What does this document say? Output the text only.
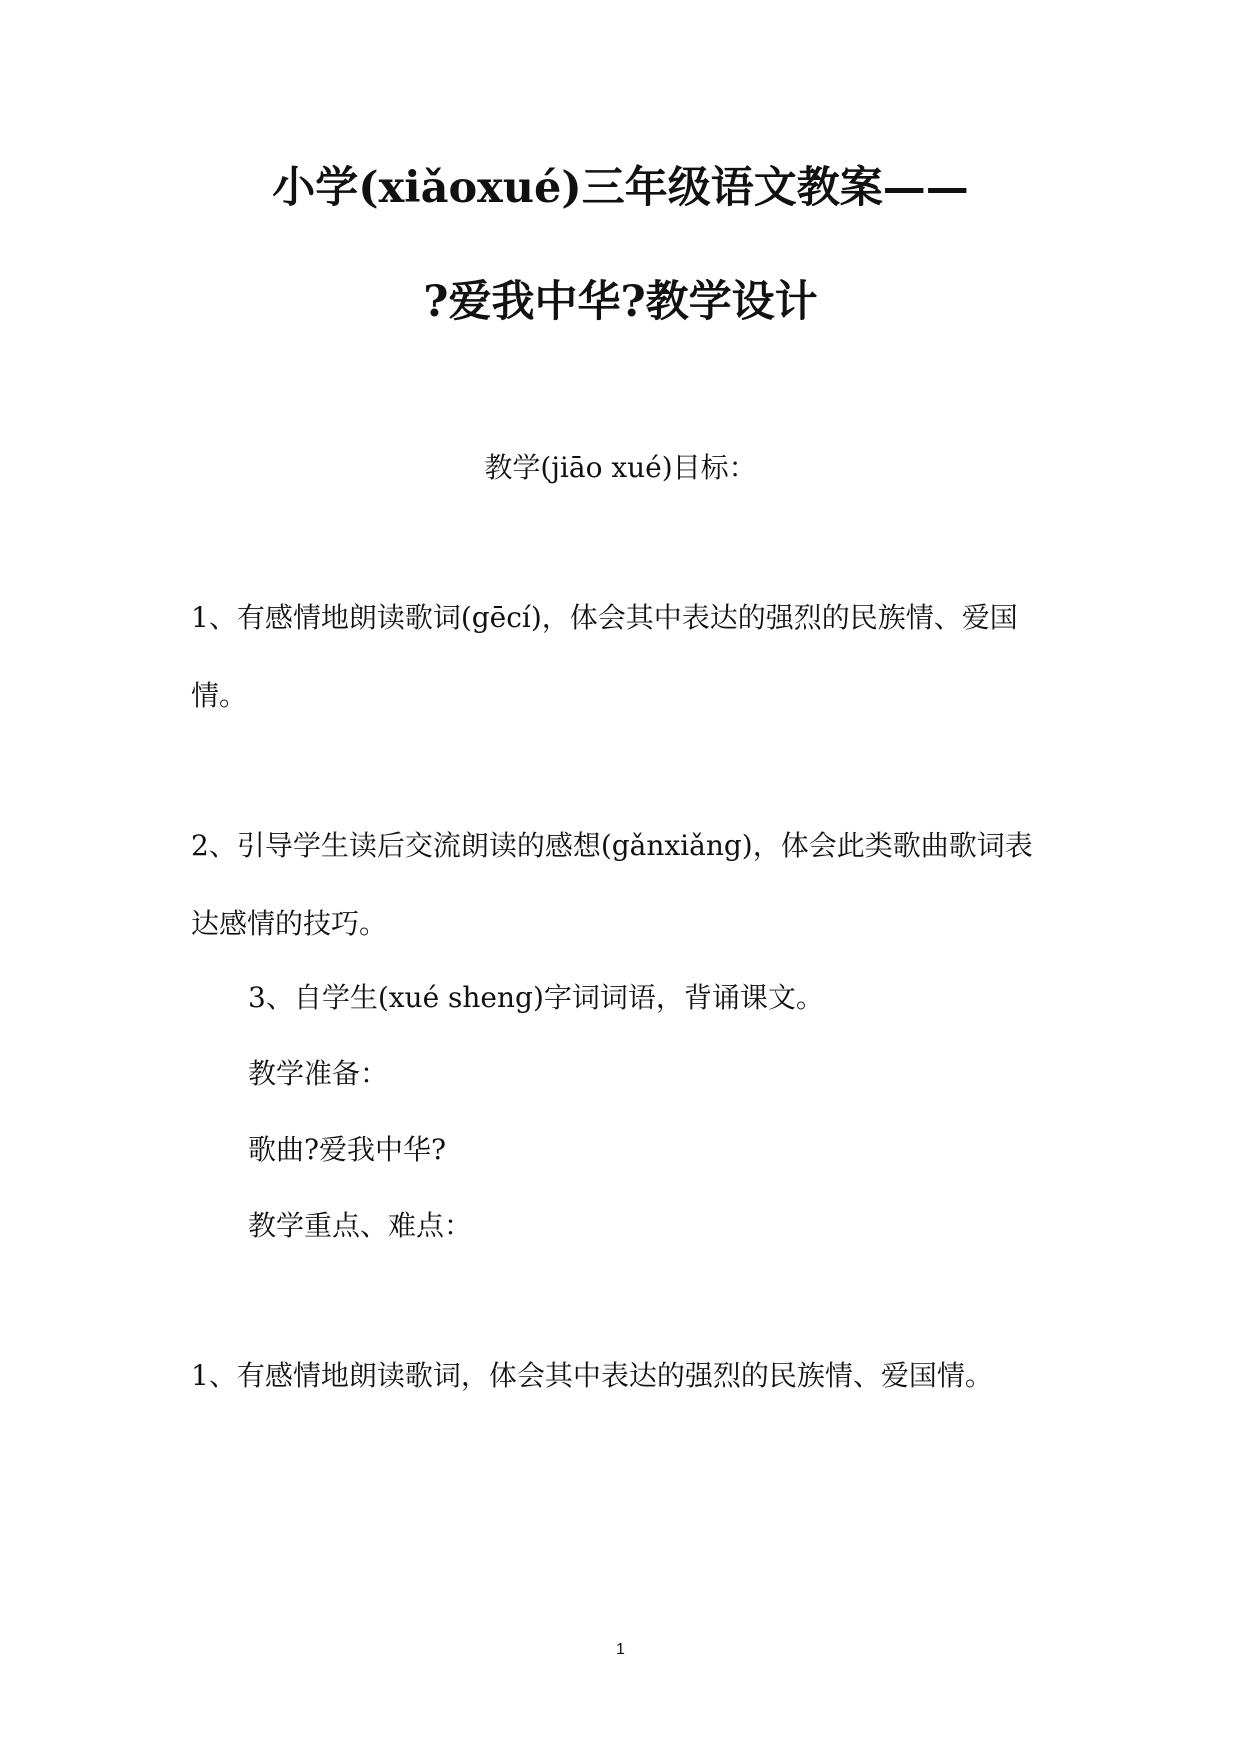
小学(xiǎoxué)三年级语文教案——
?爱我中华?教学设计

教学(jiāo xué)目标：

1、有感情地朗读歌词(gēcí)，体会其中表达的强烈的民族情、爱国

情。

2、引导学生读后交流朗读的感想(gǎnxiǎng)，体会此类歌曲歌词表

达感情的技巧。

3、自学生(xué sheng)字词词语，背诵课文。

教学准备：

歌曲?爱我中华?

教学重点、难点：

1、有感情地朗读歌词，体会其中表达的强烈的民族情、爱国情。

1
